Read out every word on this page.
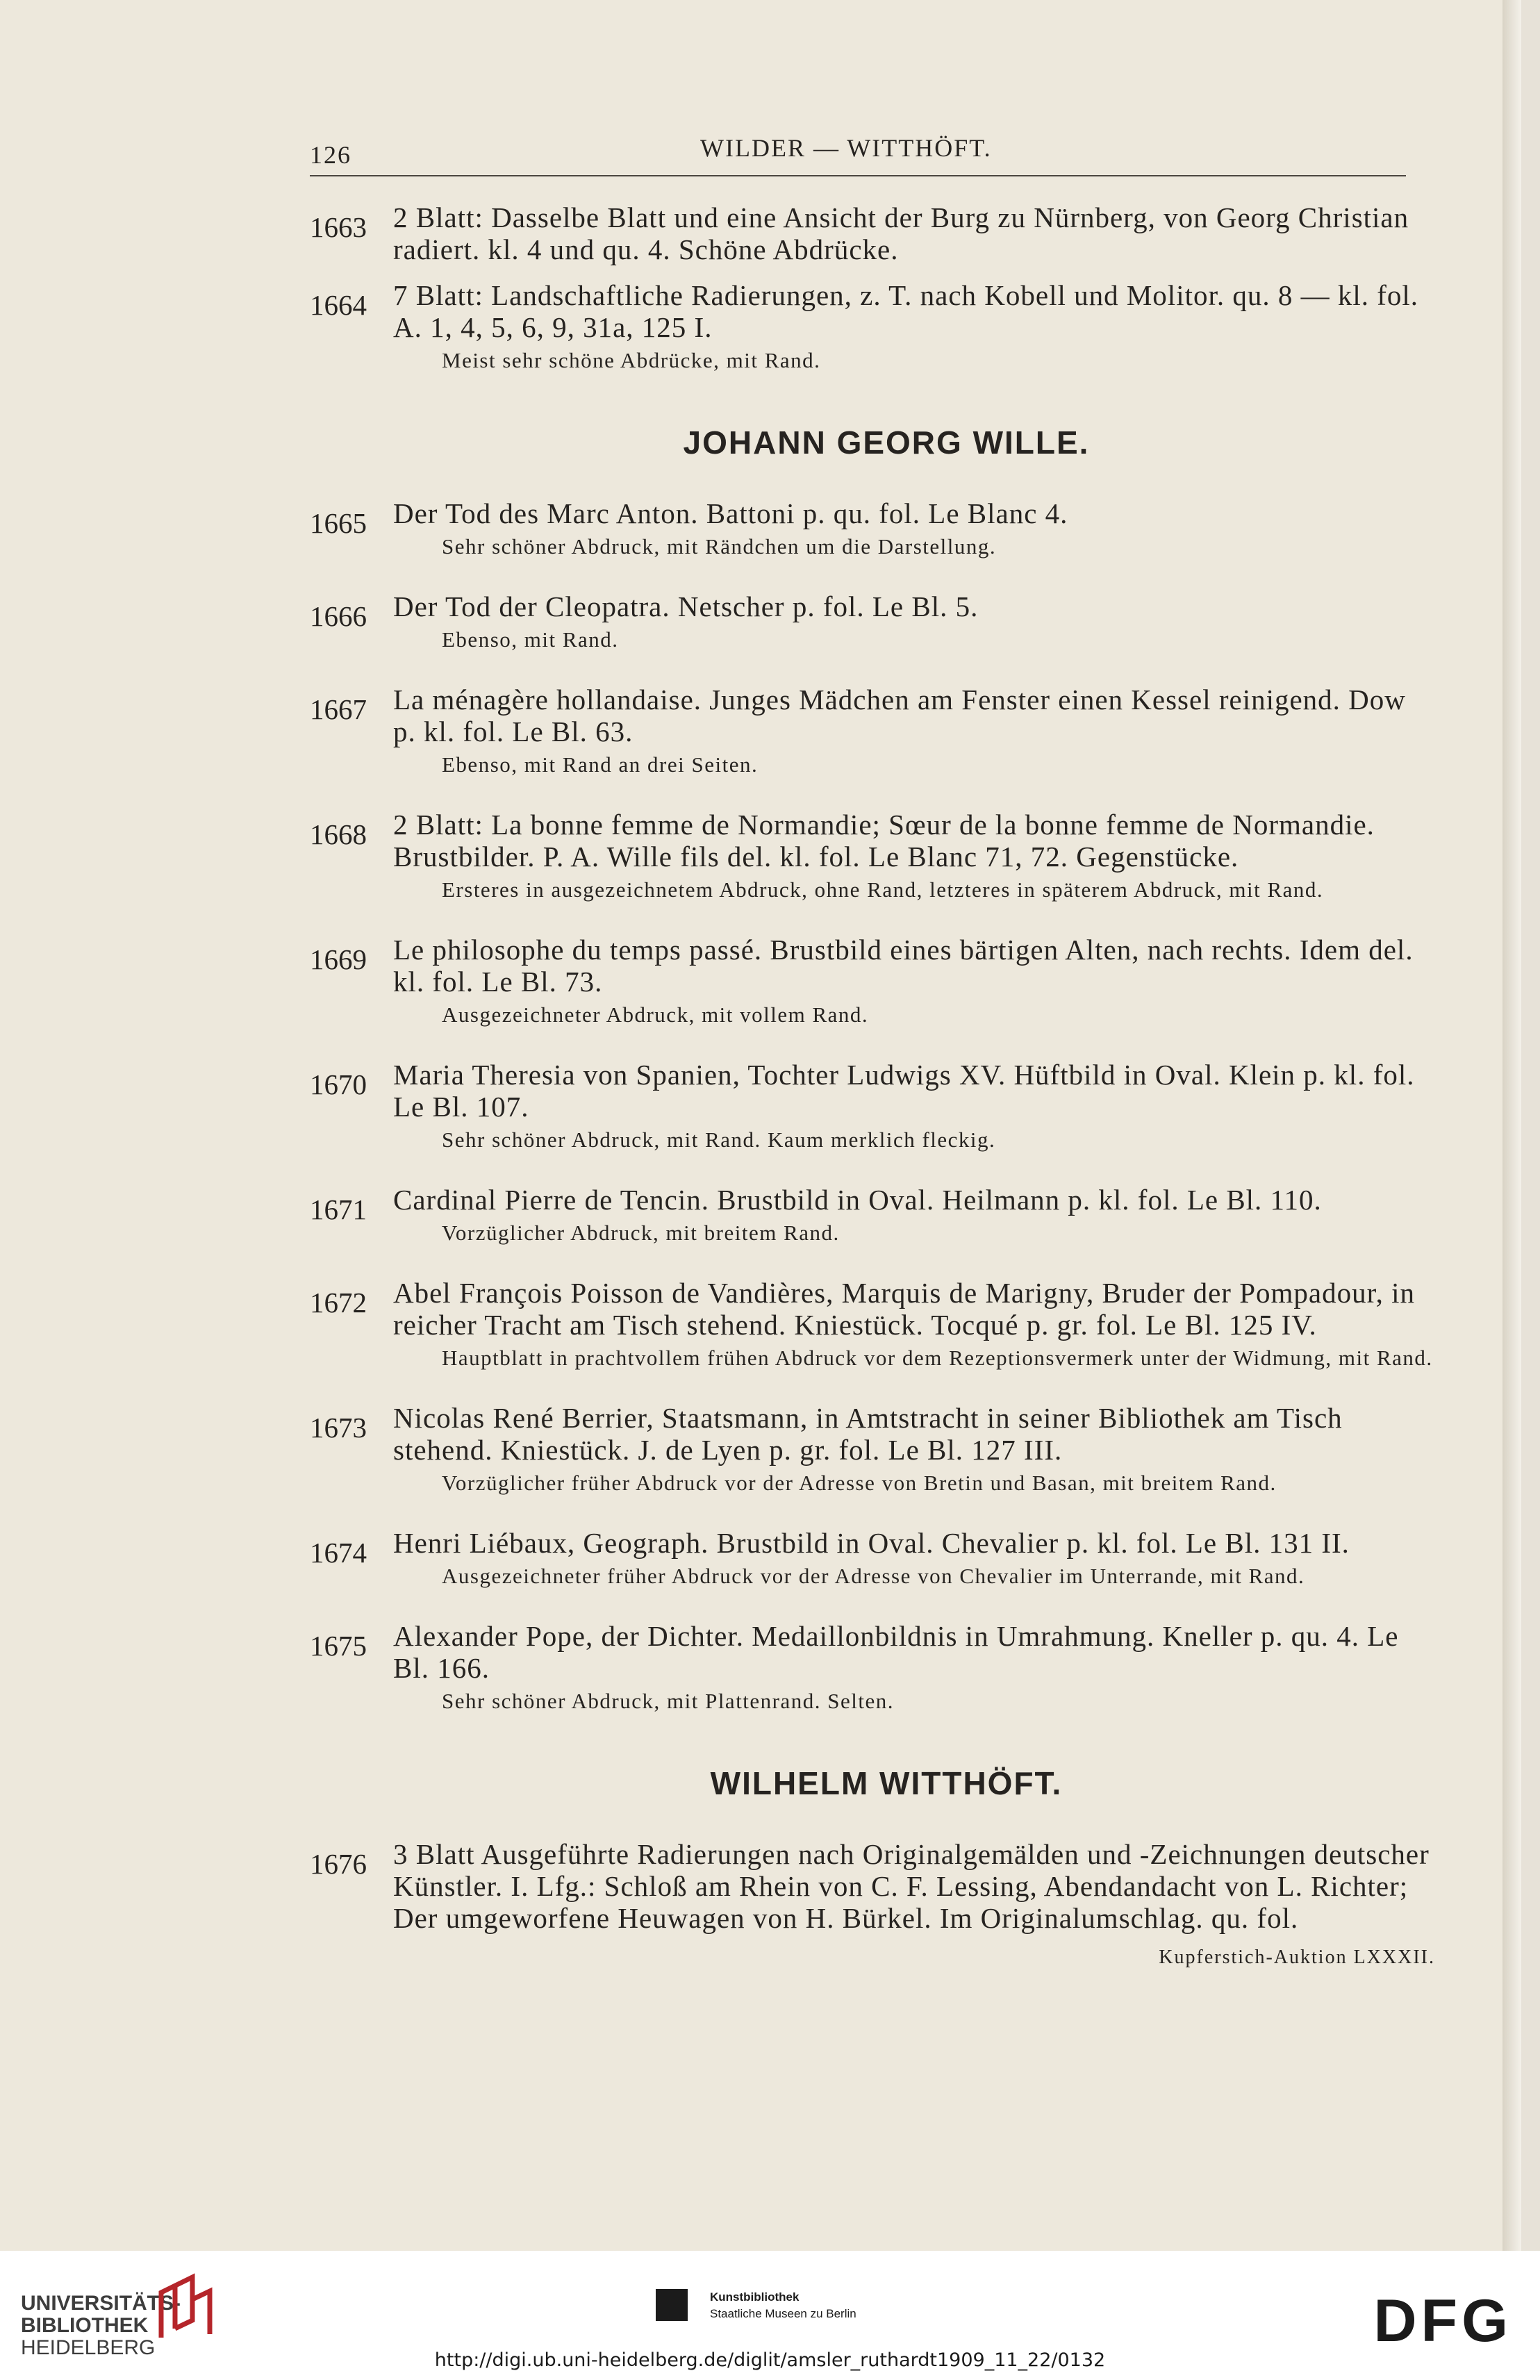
126	WILDER — WITTHÖFT.
1663 2 Blatt: Dasselbe Blatt und eine Ansicht der Burg zu Nürnberg, von Georg Christian radiert. kl. 4 und qu. 4. Schöne Abdrücke.
1664 7 Blatt: Landschaftliche Radierungen, z. T. nach Kobell und Molitor. qu. 8 — kl. fol. A. 1, 4, 5, 6, 9, 31a, 125 I.
Meist sehr schöne Abdrücke, mit Rand.
JOHANN GEORG WILLE.
1665 Der Tod des Marc Anton. Battoni p. qu. fol. Le Blanc 4.
Sehr schöner Abdruck, mit Rändchen um die Darstellung.
1666 Der Tod der Cleopatra. Netscher p. fol. Le Bl. 5.
Ebenso, mit Rand.
1667 La ménagère hollandaise. Junges Mädchen am Fenster einen Kessel reinigend. Dow p. kl. fol. Le Bl. 63.
Ebenso, mit Rand an drei Seiten.
1668 2 Blatt: La bonne femme de Normandie; Sœur de la bonne femme de Normandie. Brustbilder. P. A. Wille fils del. kl. fol. Le Blanc 71, 72. Gegenstücke.
Ersteres in ausgezeichnetem Abdruck, ohne Rand, letzteres in späterem Abdruck, mit Rand.
1669 Le philosophe du temps passé. Brustbild eines bärtigen Alten, nach rechts. Idem del. kl. fol. Le Bl. 73.
Ausgezeichneter Abdruck, mit vollem Rand.
1670 Maria Theresia von Spanien, Tochter Ludwigs XV. Hüftbild in Oval. Klein p. kl. fol. Le Bl. 107.
Sehr schöner Abdruck, mit Rand. Kaum merklich fleckig.
1671 Cardinal Pierre de Tencin. Brustbild in Oval. Heilmann p. kl. fol. Le Bl. 110.
Vorzüglicher Abdruck, mit breitem Rand.
1672 Abel François Poisson de Vandières, Marquis de Marigny, Bruder der Pompadour, in reicher Tracht am Tisch stehend. Kniestück. Tocqué p. gr. fol. Le Bl. 125 IV.
Hauptblatt in prachtvollem frühen Abdruck vor dem Rezeptionsvermerk unter der Widmung, mit Rand.
1673 Nicolas René Berrier, Staatsmann, in Amtstracht in seiner Bibliothek am Tisch stehend. Kniestück. J. de Lyen p. gr. fol. Le Bl. 127 III.
Vorzüglicher früher Abdruck vor der Adresse von Bretin und Basan, mit breitem Rand.
1674 Henri Liébaux, Geograph. Brustbild in Oval. Chevalier p. kl. fol. Le Bl. 131 II.
Ausgezeichneter früher Abdruck vor der Adresse von Chevalier im Unterrande, mit Rand.
1675 Alexander Pope, der Dichter. Medaillonbildnis in Umrahmung. Kneller p. qu. 4. Le Bl. 166.
Sehr schöner Abdruck, mit Plattenrand. Selten.
WILHELM WITTHÖFT.
1676 3 Blatt Ausgeführte Radierungen nach Originalgemälden und -Zeichnungen deutscher Künstler. I. Lfg.: Schloß am Rhein von C. F. Lessing, Abendandacht von L. Richter; Der umgeworfene Heuwagen von H. Bürkel. Im Originalumschlag. qu. fol.
Kupferstich-Auktion LXXXII.
UNIVERSITÄTS-
BIBLIOTHEK
HEIDELBERG
Kunstbibliothek
Staatliche Museen zu Berlin	DFG
http://digi.ub.uni-heidelberg.de/diglit/amsler_ruthardt1909_11_22/0132
